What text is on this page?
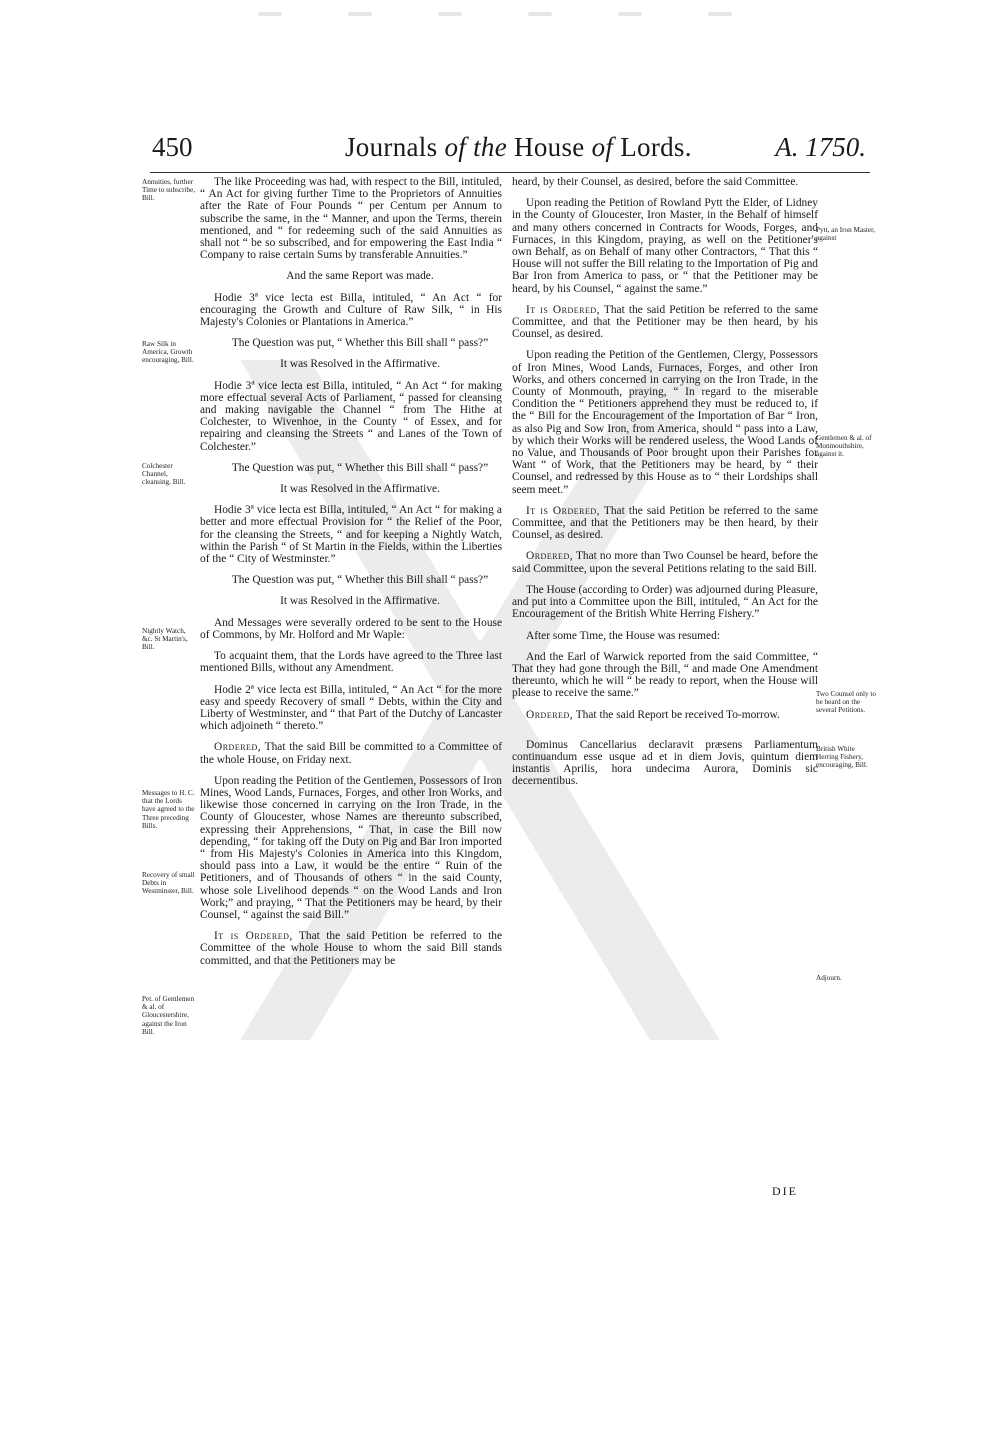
450	Journals of the House of Lords.	A. 1750.
Annuities, further Time to subscribe, Bill.
Raw Silk in America, Growth encouraging, Bill.
Colchester Channel, cleansing, Bill.
Nightly Watch, &c. St Martin's, Bill.
Messages to H. C. that the Lords have agreed to the Three preceding Bills.
Recovery of small Debts in Westminster, Bill.
Pet. of Gentlemen & al. of Gloucestershire, against the Iron Bill.
Pytt, an Iron Master, against
Gentlemen & al. of Monmouthshire, against it.
Two Counsel only to be heard on the several Petitions.
British White Herring Fishery, encouraging, Bill.
Adjourn.

The like Proceeding was had, with respect to the Bill, intituled, “ An Act for giving further Time to the Proprietors of Annuities after the Rate of Four Pounds “ per Centum per Annum to subscribe the same, in the “ Manner, and upon the Terms, therein mentioned, and “ for redeeming such of the said Annuities as shall not “ be so subscribed, and for empowering the East India “ Company to raise certain Sums by transferable Annuities.”

And the same Report was made.

Hodie 3ª vice lecta est Billa, intituled, “ An Act “ for encouraging the Growth and Culture of Raw Silk, “ in His Majesty's Colonies or Plantations in America.”

The Question was put, “ Whether this Bill shall “ pass?”

It was Resolved in the Affirmative.

Hodie 3ª vice lecta est Billa, intituled, “ An Act “ for making more effectual several Acts of Parliament, “ passed for cleansing and making navigable the Channel “ from The Hithe at Colchester, to Wivenhoe, in the County “ of Essex, and for repairing and cleansing the Streets “ and Lanes of the Town of Colchester.”

The Question was put, “ Whether this Bill shall “ pass?”

It was Resolved in the Affirmative.

Hodie 3ª vice lecta est Billa, intituled, “ An Act “ for making a better and more effectual Provision for “ the Relief of the Poor, for the cleansing the Streets, “ and for keeping a Nightly Watch, within the Parish “ of St Martin in the Fields, within the Liberties of the “ City of Westminster.”

The Question was put, “ Whether this Bill shall “ pass?”

It was Resolved in the Affirmative.

And Messages were severally ordered to be sent to the House of Commons, by Mr. Holford and Mr Waple:

To acquaint them, that the Lords have agreed to the Three last mentioned Bills, without any Amendment.

Hodie 2ª vice lecta est Billa, intituled, “ An Act “ for the more easy and speedy Recovery of small “ Debts, within the City and Liberty of Westminster, and “ that Part of the Dutchy of Lancaster which adjoineth “ thereto.”

Ordered, That the said Bill be committed to a Committee of the whole House, on Friday next.

Upon reading the Petition of the Gentlemen, Possessors of Iron Mines, Wood Lands, Furnaces, Forges, and other Iron Works, and likewise those concerned in carrying on the Iron Trade, in the County of Gloucester, whose Names are thereunto subscribed, expressing their Apprehensions, “ That, in case the Bill now depending, “ for taking off the Duty on Pig and Bar Iron imported “ from His Majesty's Colonies in America into this Kingdom, should pass into a Law, it would be the entire “ Ruin of the Petitioners, and of Thousands of others “ in the said County, whose sole Livelihood depends “ on the Wood Lands and Iron Work;” and praying, “ That the Petitioners may be heard, by their Counsel, “ against the said Bill.”

It is Ordered, That the said Petition be referred to the Committee of the whole House to whom the said Bill stands committed, and that the Petitioners may be

heard, by their Counsel, as desired, before the said Committee.

Upon reading the Petition of Rowland Pytt the Elder, of Lidney in the County of Gloucester, Iron Master, in the Behalf of himself and many others concerned in Contracts for Woods, Forges, and Furnaces, in this Kingdom, praying, as well on the Petitioner's own Behalf, as on Behalf of many other Contractors, “ That this “ House will not suffer the Bill relating to the Importation of Pig and Bar Iron from America to pass, or “ that the Petitioner may be heard, by his Counsel, “ against the same.”

It is Ordered, That the said Petition be referred to the same Committee, and that the Petitioner may be then heard, by his Counsel, as desired.

Upon reading the Petition of the Gentlemen, Clergy, Possessors of Iron Mines, Wood Lands, Furnaces, Forges, and other Iron Works, and others concerned in carrying on the Iron Trade, in the County of Monmouth, praying, “ In regard to the miserable Condition the “ Petitioners apprehend they must be reduced to, if the “ Bill for the Encouragement of the Importation of Bar “ Iron, as also Pig and Sow Iron, from America, should “ pass into a Law, by which their Works will be rendered useless, the Wood Lands of no Value, and Thousands of Poor brought upon their Parishes for Want “ of Work, that the Petitioners may be heard, by “ their Counsel, and redressed by this House as to “ their Lordships shall seem meet.”

It is Ordered, That the said Petition be referred to the same Committee, and that the Petitioners may be then heard, by their Counsel, as desired.

Ordered, That no more than Two Counsel be heard, before the said Committee, upon the several Petitions relating to the said Bill.

The House (according to Order) was adjourned during Pleasure, and put into a Committee upon the Bill, intituled, “ An Act for the Encouragement of the British White Herring Fishery.”

After some Time, the House was resumed:

And the Earl of Warwick reported from the said Committee, “ That they had gone through the Bill, “ and made One Amendment thereunto, which he will “ be ready to report, when the House will please to receive the same.”

Ordered, That the said Report be received To-morrow.

Dominus Cancellarius declaravit præsens Parliamentum continuandum esse usque ad et in diem Jovis, quintum diem instantis Aprilis, hora undecima Aurora, Dominis sic decernentibus.

DIE
